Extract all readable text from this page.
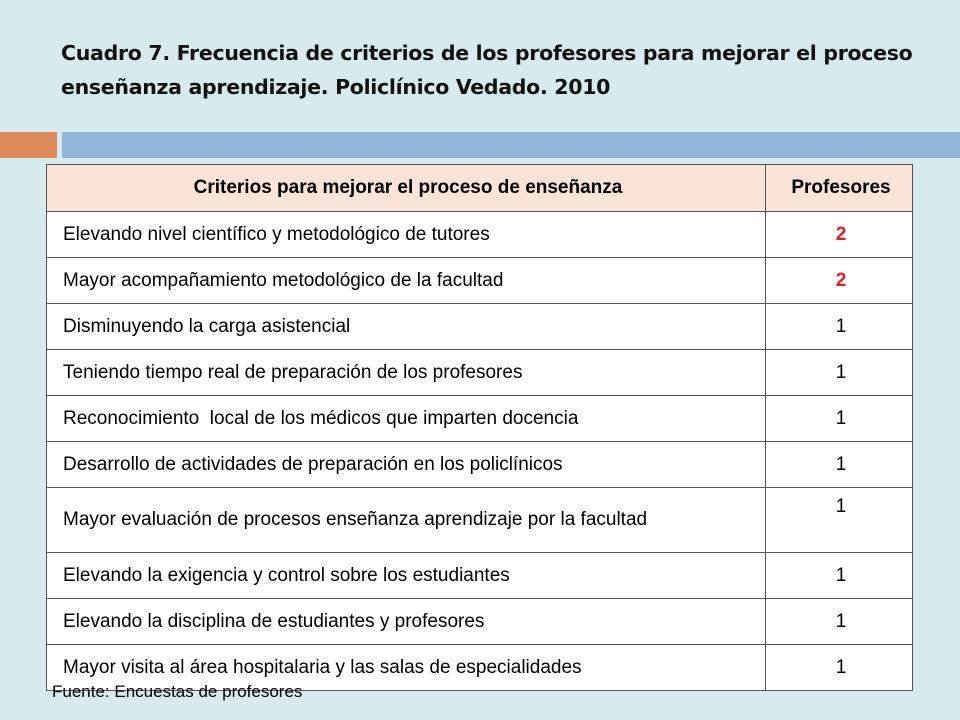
Cuadro 7. Frecuencia de criterios de los profesores para mejorar el proceso
enseñanza aprendizaje. Policlínico Vedado. 2010
Criterios para mejorar el proceso de enseñanza	Profesores
Elevando nivel científico y metodológico de tutores	2
Mayor acompañamiento metodológico de la facultad	2
Disminuyendo la carga asistencial	1
Teniendo tiempo real de preparación de los profesores	1
Reconocimiento  local de los médicos que imparten docencia	1
Desarrollo de actividades de preparación en los policlínicos	1
Mayor evaluación de procesos enseñanza aprendizaje por la facultad	1
Elevando la exigencia y control sobre los estudiantes	1
Elevando la disciplina de estudiantes y profesores	1
Mayor visita al área hospitalaria y las salas de especialidades	1
Fuente: Encuestas de profesores
